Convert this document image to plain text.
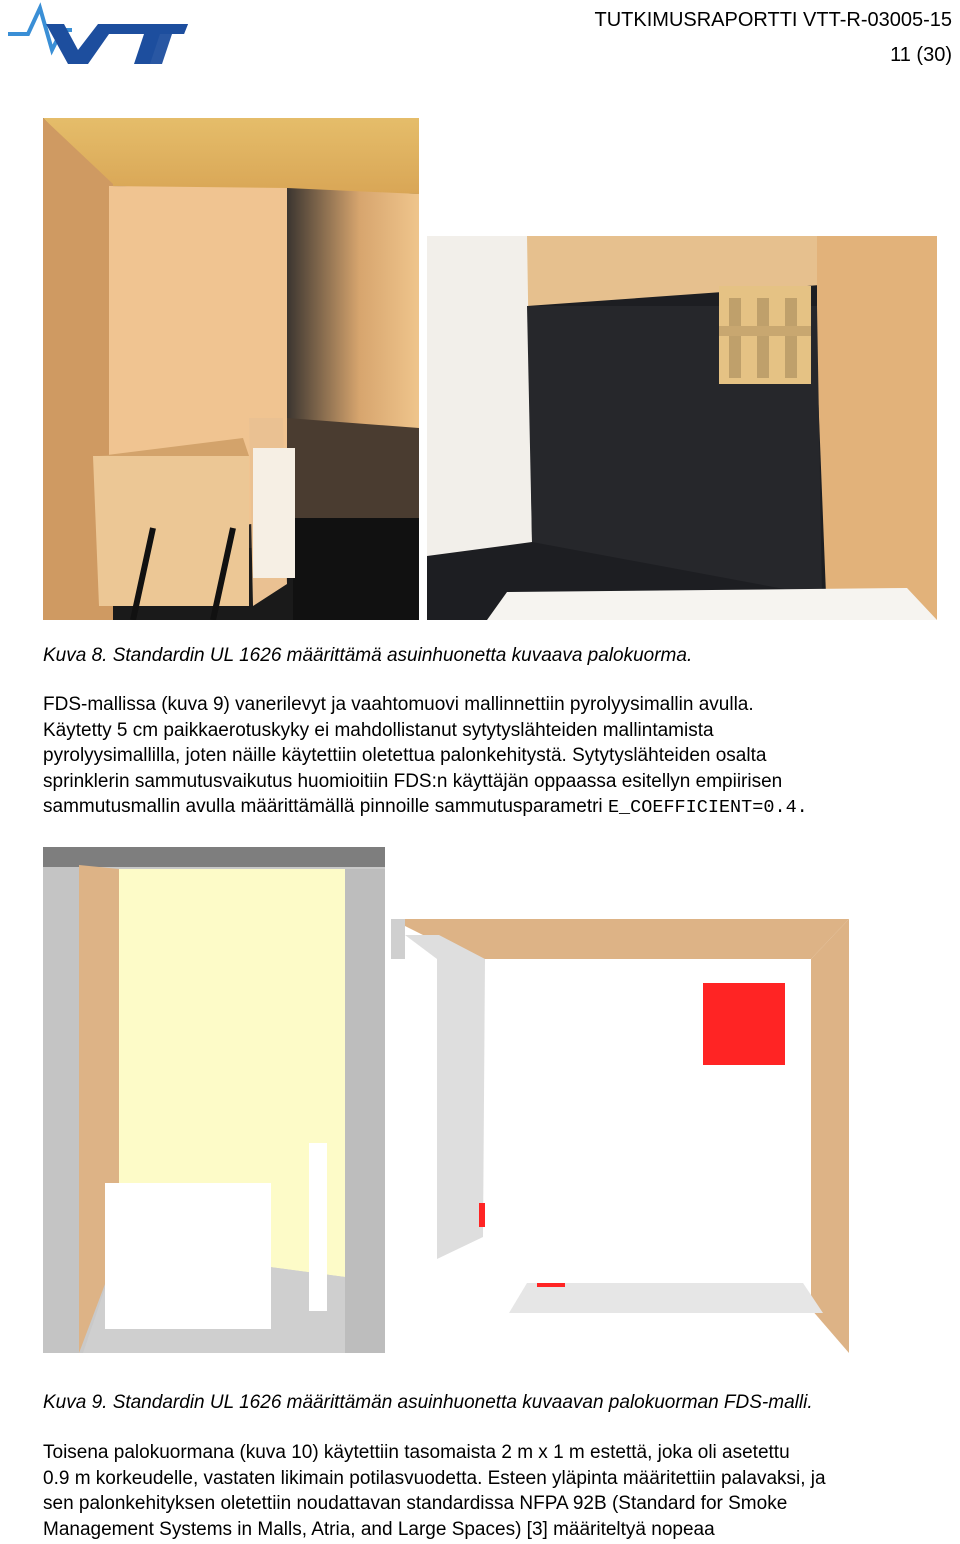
TUTKIMUSRAPORTTI VTT-R-03005-15
11 (30)
Kuva 8. Standardin UL 1626 määrittämä asuinhuonetta kuvaava palokuorma.
FDS-mallissa (kuva 9) vanerilevyt ja vaahtomuovi mallinnettiin pyrolyysimallin avulla.
Käytetty 5 cm paikkaerotuskyky ei mahdollistanut sytytyslähteiden mallintamista
pyrolyysimallilla, joten näille käytettiin oletettua palonkehitystä. Sytytyslähteiden osalta
sprinklerin sammutusvaikutus huomioitiin FDS:n käyttäjän oppaassa esitellyn empiirisen
sammutusmallin avulla määrittämällä pinnoille sammutusparametri E_COEFFICIENT=0.4.
Kuva 9. Standardin UL 1626 määrittämän asuinhuonetta kuvaavan palokuorman FDS-malli.
Toisena palokuormana (kuva 10) käytettiin tasomaista 2 m x 1 m estettä, joka oli asetettu
0.9 m korkeudelle, vastaten likimain potilasvuodetta. Esteen yläpinta määritettiin palavaksi, ja
sen palonkehityksen oletettiin noudattavan standardissa NFPA 92B (Standard for Smoke
Management Systems in Malls, Atria, and Large Spaces) [3] määriteltyä nopeaa
